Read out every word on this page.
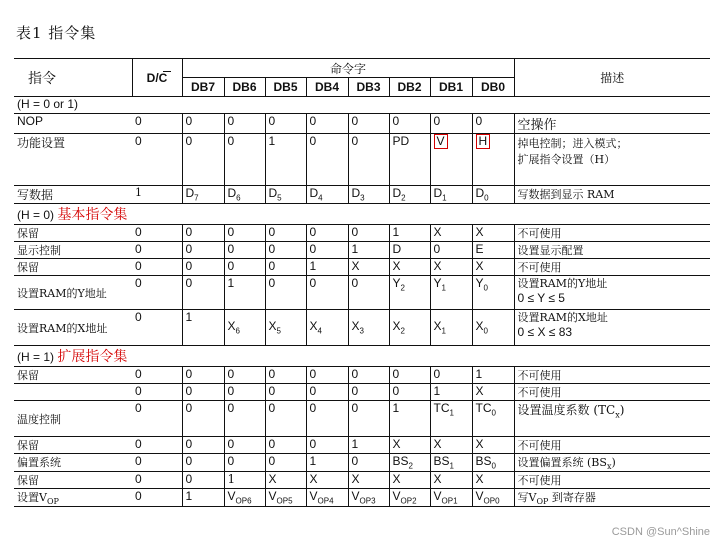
表1 指令集
指令	D/C	命令字								描述
		DB7	DB6	DB5	DB4	DB3	DB2	DB1	DB0	
(H = 0 or 1)										
NOP	0	0	0	0	0	0	0	0	0	空操作
功能设置	0	0	0	1	0	0	PD	V	H	掉电控制；进入模式；
扩展指令设置（H）

写数据	1	$D_7$	$D_6$	$D_5$	$D_4$	$D_3$	$D_2$	$D_1$	$D_0$	写数据到显示 RAM
(H = 0) 基本指令集										
保留	0	0	0	0	0	0	1	X	X	不可使用
显示控制	0	0	0	0	0	1	D	0	E	设置显示配置
保留	0	0	0	0	1	X	X	X	X	不可使用
设置RAM的Y地址	0	0	1	0	0	0	$Y_2$	$Y_1$	$Y_0$	设置RAM的Y地址
0 ≤ Y ≤ 5

设置RAM的X地址	0	1	$X_6$	$X_5$	$X_4$	$X_3$	$X_2$	$X_1$	$X_0$	设置RAM的X地址
0 ≤ X ≤ 83

(H = 1) 扩展指令集										
保留	0	0	0	0	0	0	0	0	1	不可使用
	0	0	0	0	0	0	0	1	X	不可使用
温度控制	0	0	0	0	0	0	1	$TC_1$	$TC_0$	设置温度系数 $(TC_x)$
保留	0	0	0	0	0	1	X	X	X	不可使用
偏置系统	0	0	0	0	1	0	$BS_2$	$BS_1$	$BS_0$	设置偏置系统 $(BS_x)$
保留	0	0	1	X	X	X	X	X	X	不可使用
设置$V_{OP}$	0	1	$V_{OP6}$	$V_{OP5}$	$V_{OP4}$	$V_{OP3}$	$V_{OP2}$	$V_{OP1}$	$V_{OP0}$	写$V_{OP}$ 到寄存器
CSDN @Sun^Shine
